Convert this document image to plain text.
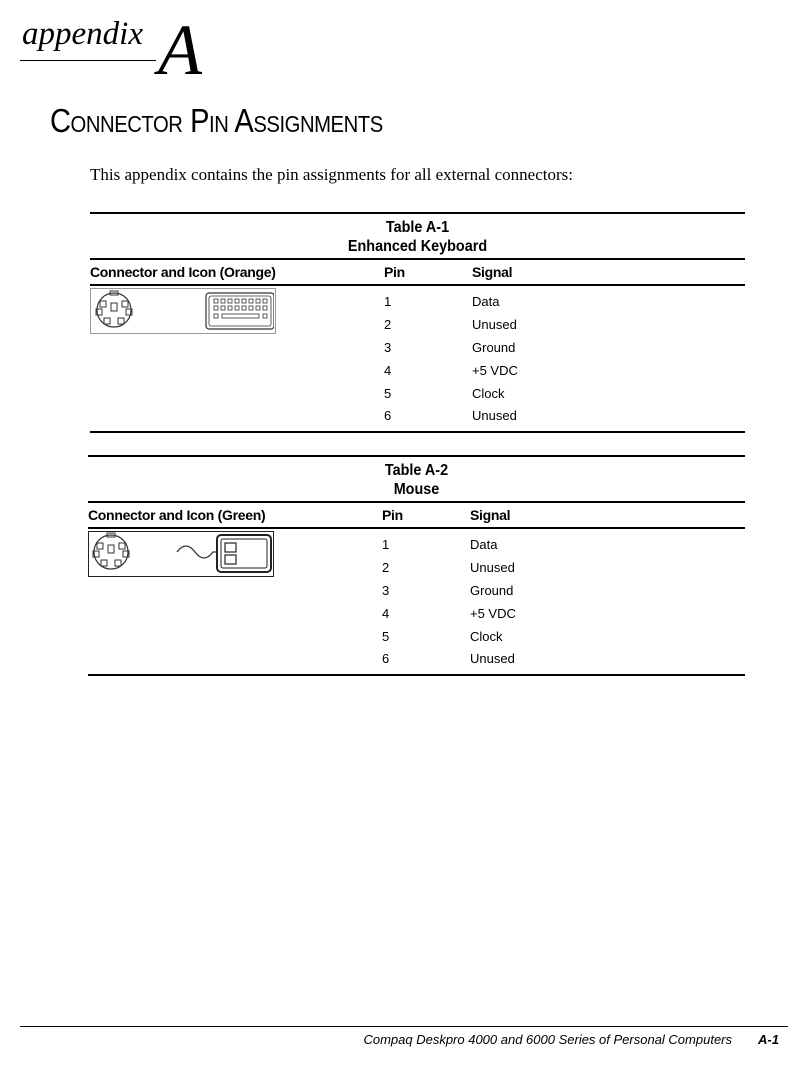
appendix A
Connector Pin Assignments
This appendix contains the pin assignments for all external connectors:
Table A-1
Enhanced Keyboard
Connector and Icon (Orange)	Pin	Signal
1	Data
2	Unused
3	Ground
4	+5 VDC
5	Clock
6	Unused
Table A-2
Mouse
Connector and Icon (Green)	Pin	Signal
1	Data
2	Unused
3	Ground
4	+5 VDC
5	Clock
6	Unused
Compaq Deskpro 4000 and 6000 Series of Personal Computers A-1
